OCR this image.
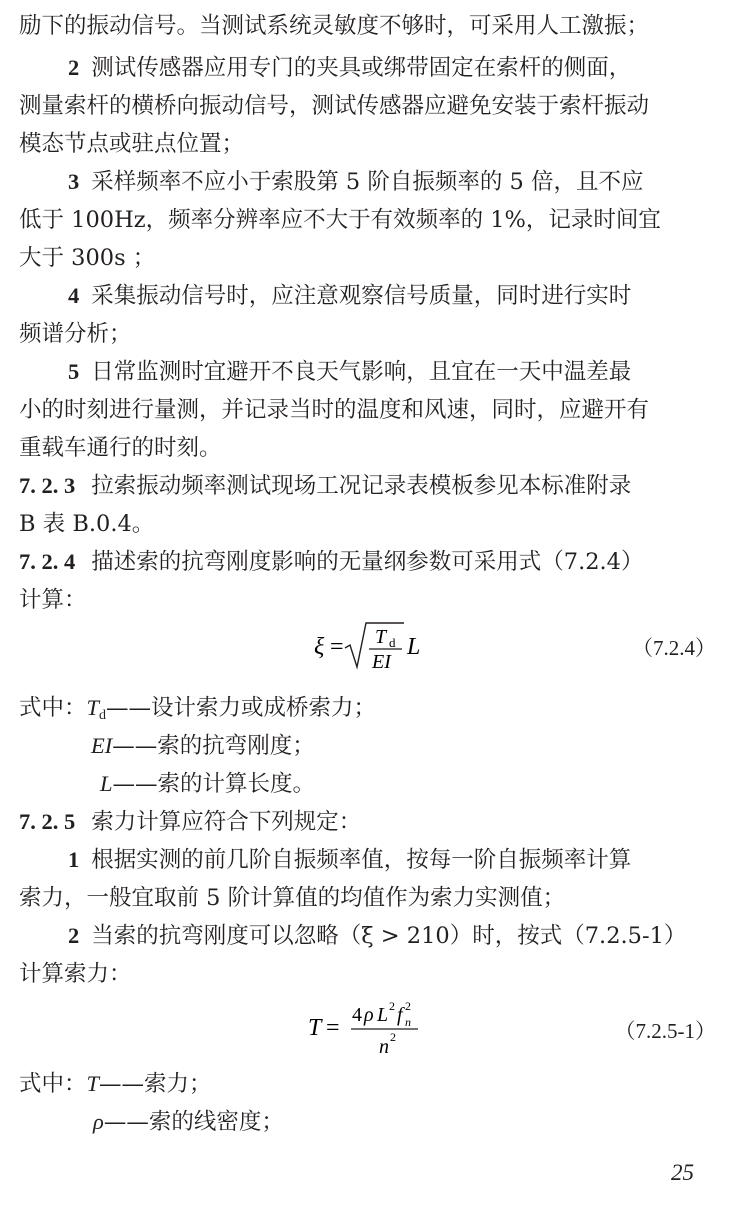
励下的振动信号。当测试系统灵敏度不够时，可采用人工激振；
2 测试传感器应用专门的夹具或绑带固定在索杆的侧面，
测量索杆的横桥向振动信号，测试传感器应避免安装于索杆振动
模态节点或驻点位置；
3 采样频率不应小于索股第 5 阶自振频率的 5 倍，且不应
低于 100Hz，频率分辨率应不大于有效频率的 1%，记录时间宜
大于 300s ；
4 采集振动信号时，应注意观察信号质量，同时进行实时
频谱分析；
5 日常监测时宜避开不良天气影响，且宜在一天中温差最
小的时刻进行量测，并记录当时的温度和风速，同时，应避开有
重载车通行的时刻。
7. 2. 3 拉索振动频率测试现场工况记录表模板参见本标准附录
B 表 B.0.4。
7. 2. 4 描述索的抗弯刚度影响的无量纲参数可采用式（7.2.4）
计算：
ξ = T d
EI
L	（7.2.4）
式中：$T_d——$设计索力或成桥索力；
EI——索的抗弯刚度；
L——索的计算长度。
7. 2. 5 索力计算应符合下列规定：
1 根据实测的前几阶自振频率值，按每一阶自振频率计算
索力，一般宜取前 5 阶计算值的均值作为索力实测值；
2 当索的抗弯刚度可以忽略（ξ > 210）时，按式（7.2.5-1）
计算索力：
T = 4 ρ L 2 f n
2
n 2	（7.2.5-1）
式中：T——索力；
ρ——索的线密度；
25
